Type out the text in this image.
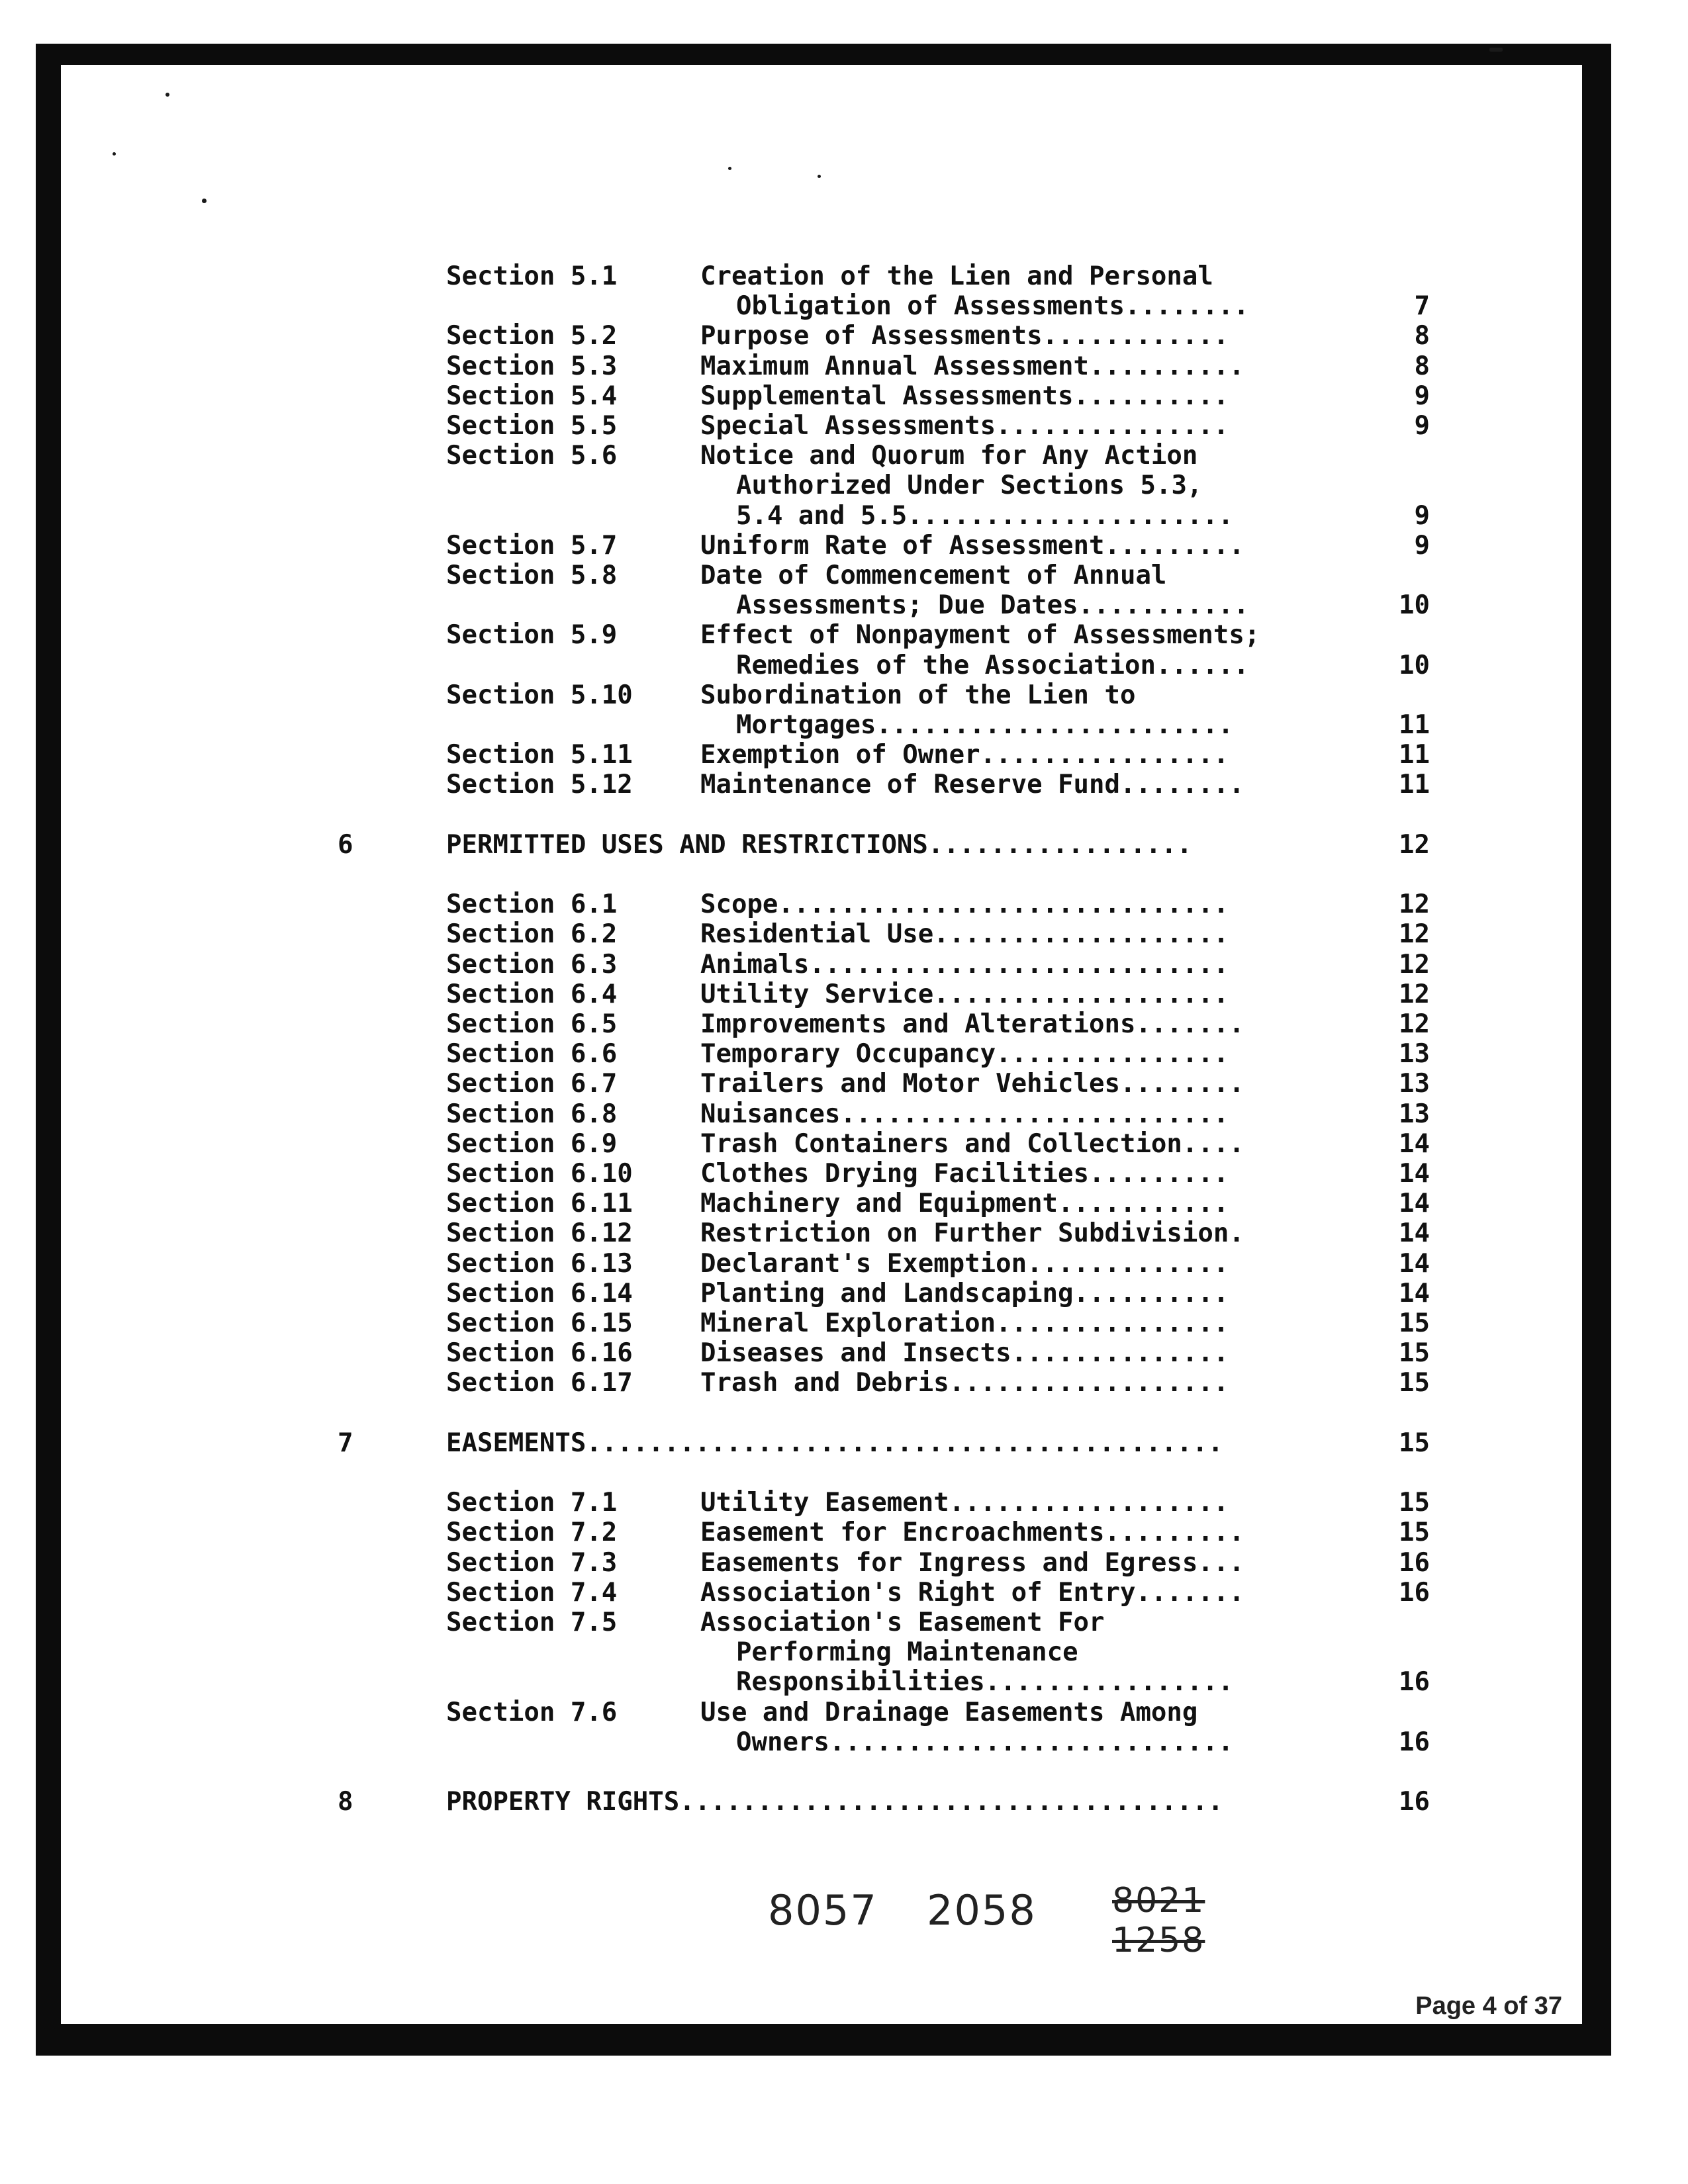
Section 5.1	Creation of the Lien and Personal
Obligation of Assessments........	7
Section 5.2	Purpose of Assessments............	8
Section 5.3	Maximum Annual Assessment..........	8
Section 5.4	Supplemental Assessments..........	9
Section 5.5	Special Assessments...............	9
Section 5.6	Notice and Quorum for Any Action
Authorized Under Sections 5.3,
5.4 and 5.5.....................	9
Section 5.7	Uniform Rate of Assessment.........	9
Section 5.8	Date of Commencement of Annual
Assessments; Due Dates...........	10
Section 5.9	Effect of Nonpayment of Assessments;
Remedies of the Association......	10
Section 5.10	Subordination of the Lien to
Mortgages.......................	11
Section 5.11	Exemption of Owner................	11
Section 5.12	Maintenance of Reserve Fund........	11
6	PERMITTED USES AND RESTRICTIONS.................	12
Section 6.1	Scope.............................	12
Section 6.2	Residential Use...................	12
Section 6.3	Animals...........................	12
Section 6.4	Utility Service...................	12
Section 6.5	Improvements and Alterations.......	12
Section 6.6	Temporary Occupancy...............	13
Section 6.7	Trailers and Motor Vehicles........	13
Section 6.8	Nuisances.........................	13
Section 6.9	Trash Containers and Collection....	14
Section 6.10	Clothes Drying Facilities.........	14
Section 6.11	Machinery and Equipment...........	14
Section 6.12	Restriction on Further Subdivision.	14
Section 6.13	Declarant's Exemption.............	14
Section 6.14	Planting and Landscaping..........	14
Section 6.15	Mineral Exploration...............	15
Section 6.16	Diseases and Insects..............	15
Section 6.17	Trash and Debris..................	15
7	EASEMENTS.........................................	15
Section 7.1	Utility Easement..................	15
Section 7.2	Easement for Encroachments.........	15
Section 7.3	Easements for Ingress and Egress...	16
Section 7.4	Association's Right of Entry.......	16
Section 7.5	Association's Easement For
Performing Maintenance
Responsibilities................	16
Section 7.6	Use and Drainage Easements Among
Owners..........................	16
8	PROPERTY RIGHTS...................................	16
8057 2058 8021 1258
Page 4 of 37
